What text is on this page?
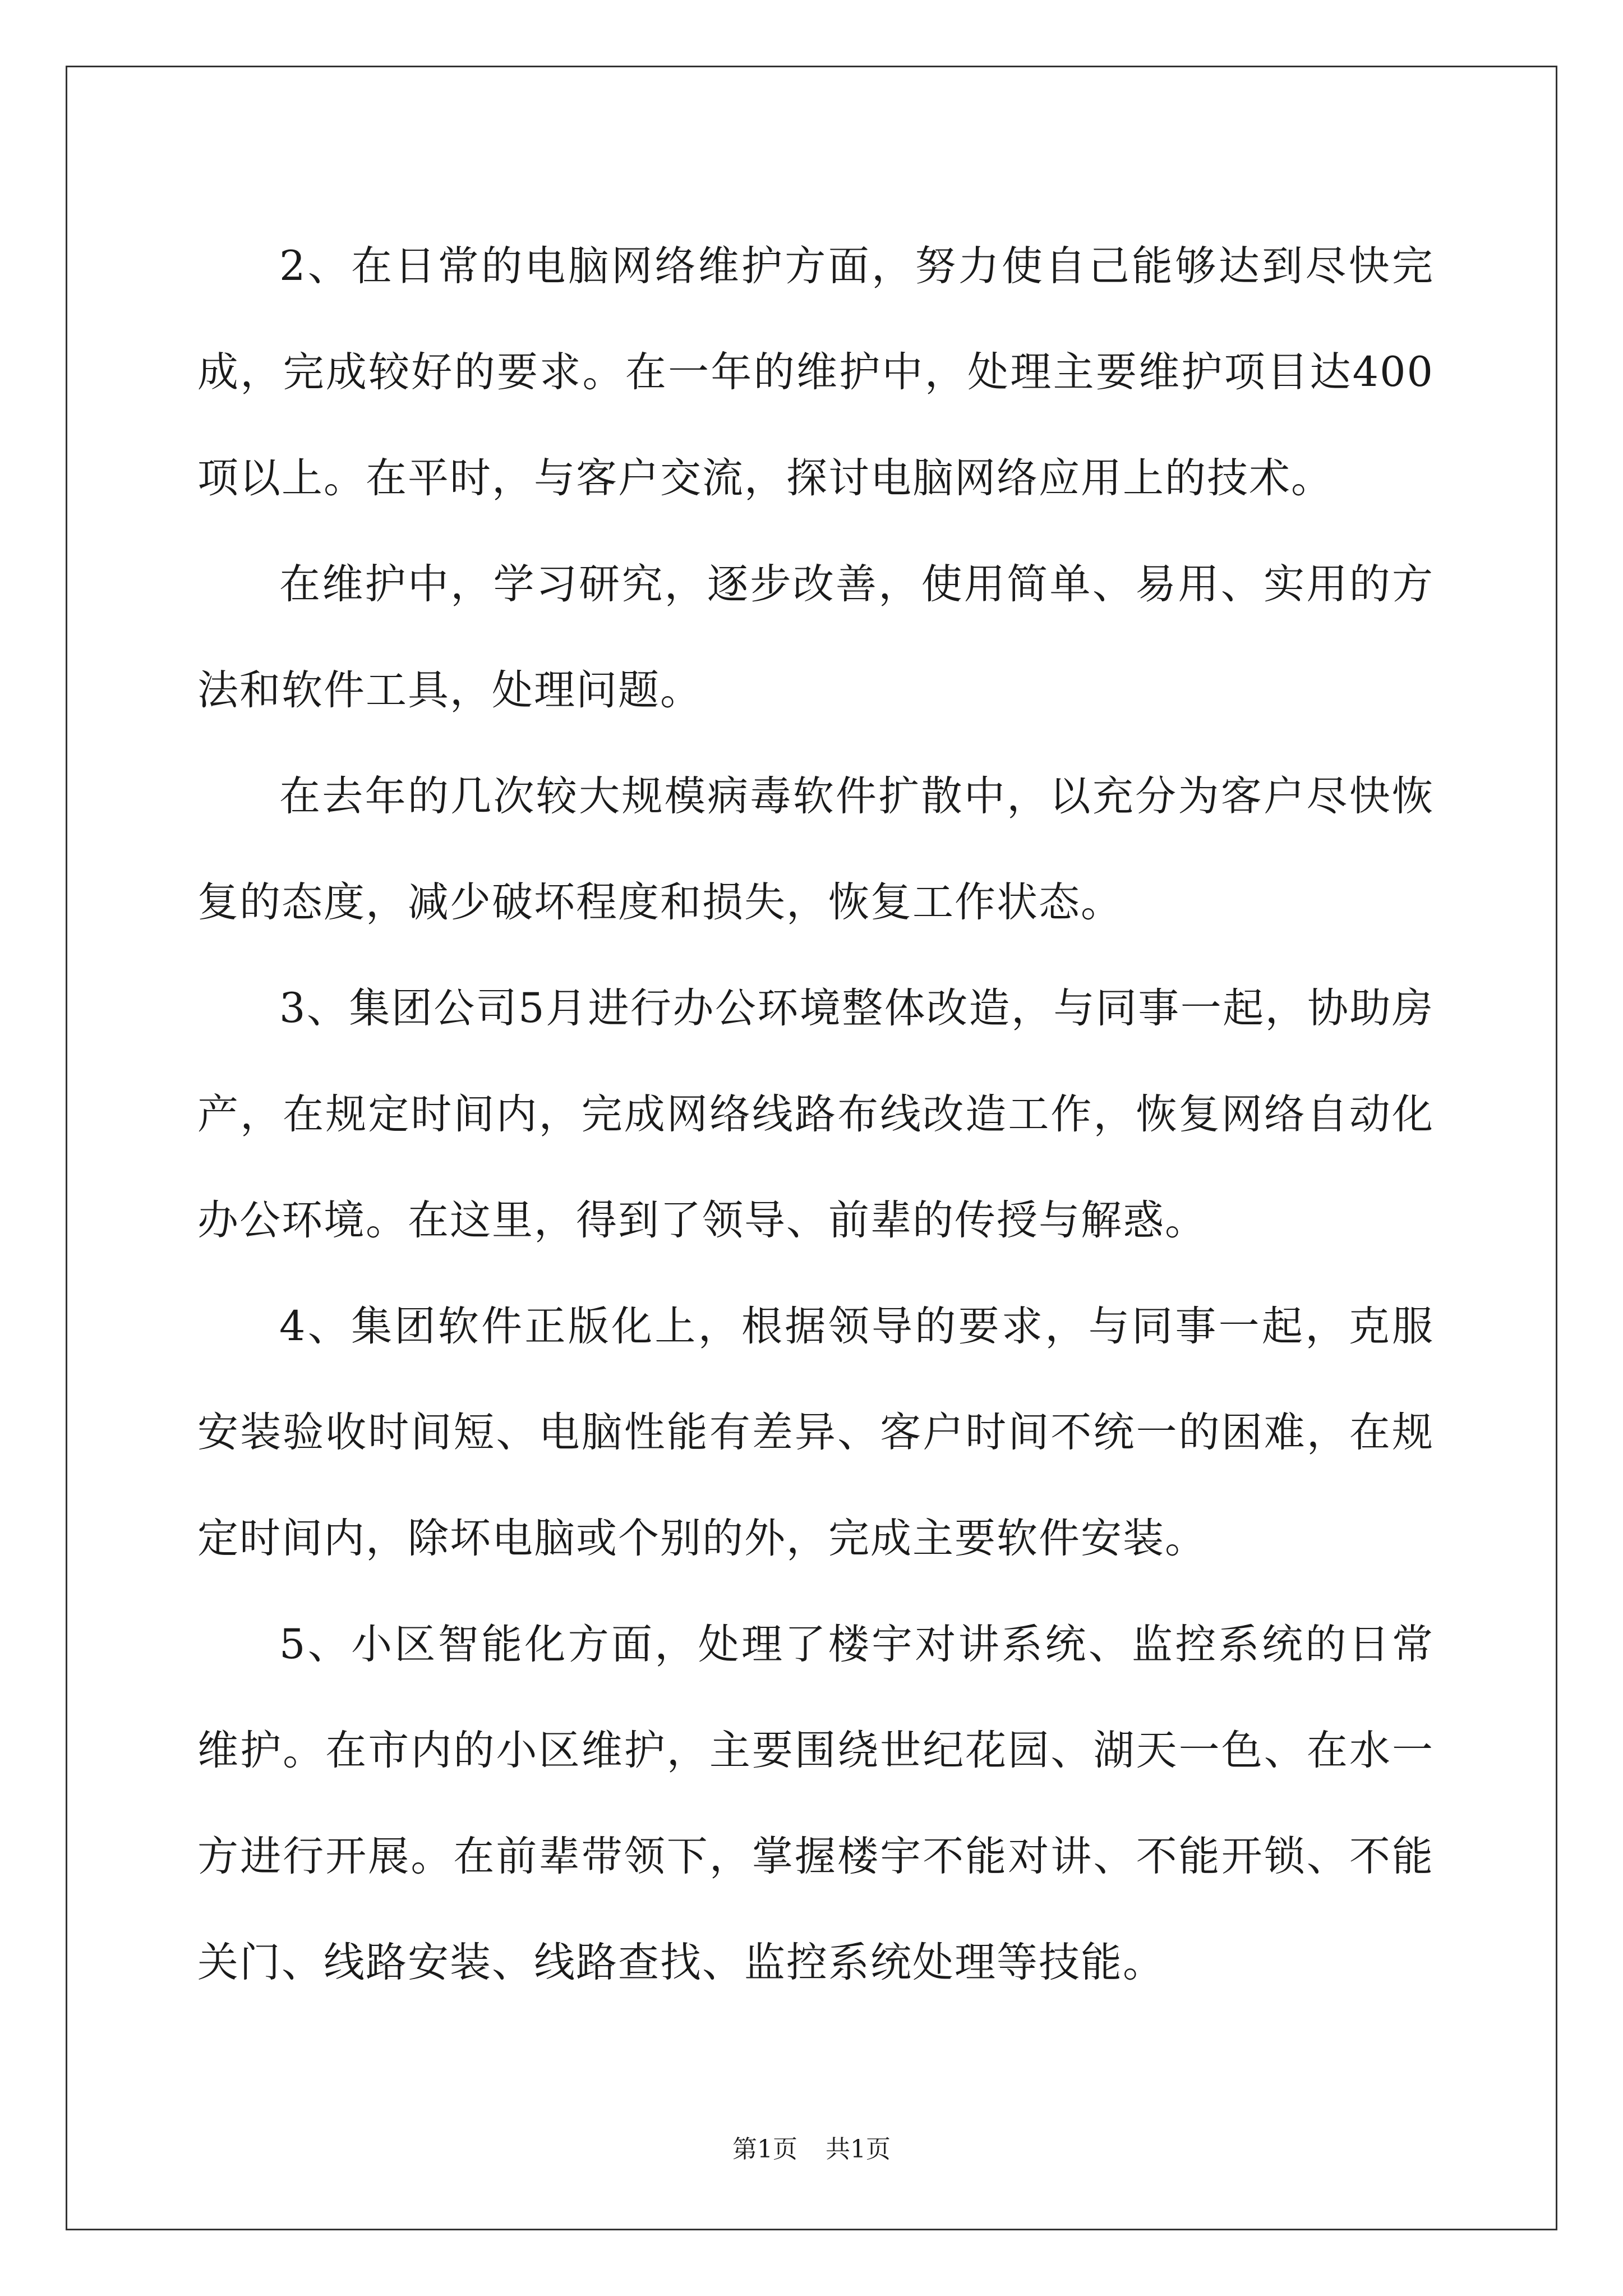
2、在日常的电脑网络维护方面，努力使自己能够达到尽快完成，完成较好的要求。在一年的维护中，处理主要维护项目达400项以上。在平时，与客户交流，探讨电脑网络应用上的技术。

在维护中，学习研究，逐步改善，使用简单、易用、实用的方法和软件工具，处理问题。

在去年的几次较大规模病毒软件扩散中，以充分为客户尽快恢复的态度，减少破坏程度和损失，恢复工作状态。

3、集团公司5月进行办公环境整体改造，与同事一起，协助房产，在规定时间内，完成网络线路布线改造工作，恢复网络自动化办公环境。在这里，得到了领导、前辈的传授与解惑。

4、集团软件正版化上，根据领导的要求，与同事一起，克服安装验收时间短、电脑性能有差异、客户时间不统一的困难，在规定时间内，除坏电脑或个别的外，完成主要软件安装。

5、小区智能化方面，处理了楼宇对讲系统、监控系统的日常维护。在市内的小区维护，主要围绕世纪花园、湖天一色、在水一方进行开展。在前辈带领下，掌握楼宇不能对讲、不能开锁、不能关门、线路安装、线路查找、监控系统处理等技能。

第1页 共1页
